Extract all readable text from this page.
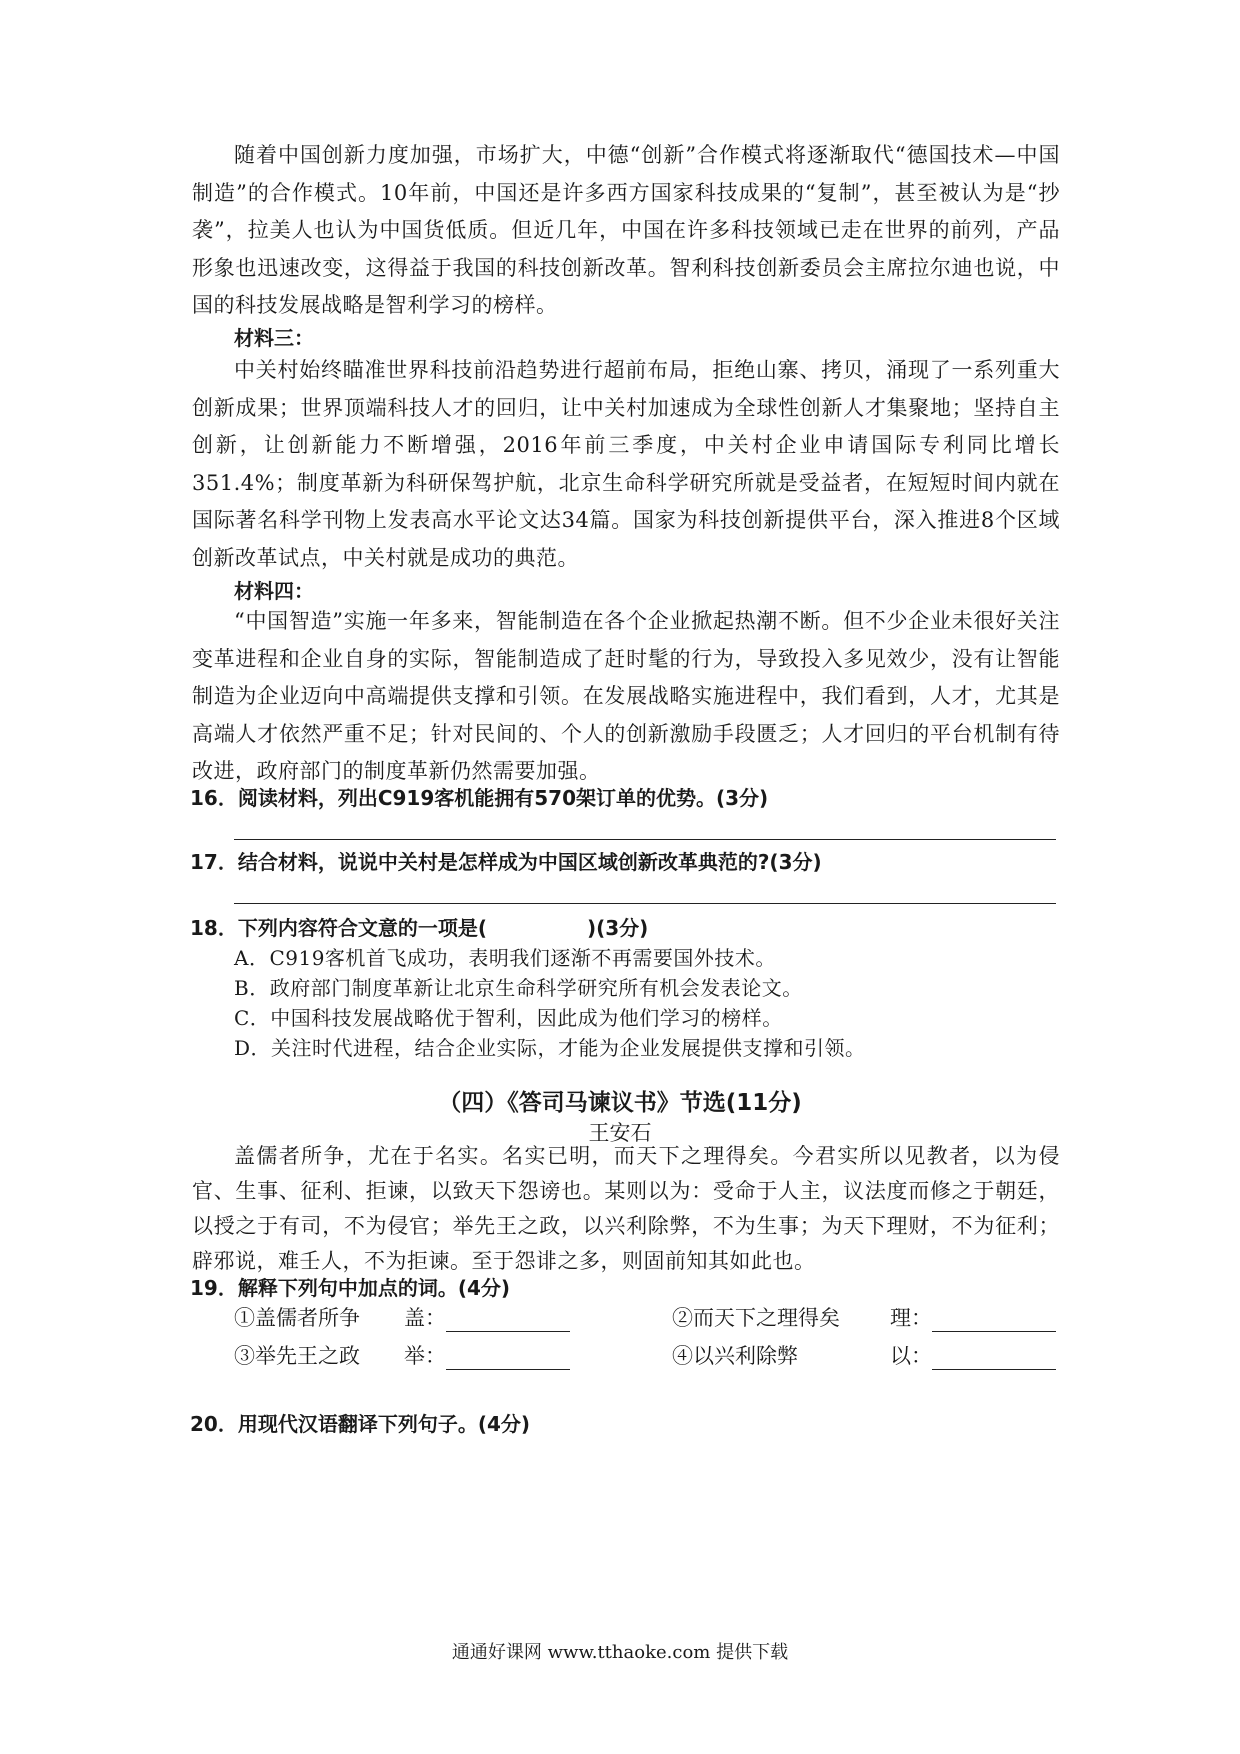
随着中国创新力度加强，市场扩大，中德“创新”合作模式将逐渐取代“德国技术—中国制造”的合作模式。10年前，中国还是许多西方国家科技成果的“复制”，甚至被认为是“抄袭”，拉美人也认为中国货低质。但近几年，中国在许多科技领域已走在世界的前列，产品形象也迅速改变，这得益于我国的科技创新改革。智利科技创新委员会主席拉尔迪也说，中国的科技发展战略是智利学习的榜样。

材料三：

中关村始终瞄准世界科技前沿趋势进行超前布局，拒绝山寨、拷贝，涌现了一系列重大创新成果；世界顶端科技人才的回归，让中关村加速成为全球性创新人才集聚地；坚持自主创新，让创新能力不断增强，2016年前三季度，中关村企业申请国际专利同比增长351.4%；制度革新为科研保驾护航，北京生命科学研究所就是受益者，在短短时间内就在国际著名科学刊物上发表高水平论文达34篇。国家为科技创新提供平台，深入推进8个区域创新改革试点，中关村就是成功的典范。

材料四：

“中国智造”实施一年多来，智能制造在各个企业掀起热潮不断。但不少企业未很好关注变革进程和企业自身的实际，智能制造成了赶时髦的行为，导致投入多见效少，没有让智能制造为企业迈向中高端提供支撑和引领。在发展战略实施进程中，我们看到，人才，尤其是高端人才依然严重不足；针对民间的、个人的创新激励手段匮乏；人才回归的平台机制有待改进，政府部门的制度革新仍然需要加强。

16．阅读材料，列出C919客机能拥有570架订单的优势。(3分)

17．结合材料，说说中关村是怎样成为中国区域创新改革典范的?(3分)

18．下列内容符合文意的一项是(　　　　　)(3分)

A．C919客机首飞成功，表明我们逐渐不再需要国外技术。

B．政府部门制度革新让北京生命科学研究所有机会发表论文。

C．中国科技发展战略优于智利，因此成为他们学习的榜样。

D．关注时代进程，结合企业实际，才能为企业发展提供支撑和引领。

（四）《答司马谏议书》节选(11分)

王安石

盖儒者所争，尤在于名实。名实已明，而天下之理得矣。今君实所以见教者，以为侵官、生事、征利、拒谏，以致天下怨谤也。某则以为：受命于人主，议法度而修之于朝廷，以授之于有司，不为侵官；举先王之政，以兴利除弊，不为生事；为天下理财，不为征利；辟邪说，难壬人，不为拒谏。至于怨诽之多，则固前知其如此也。

19．解释下列句中加点的词。(4分)

①盖儒者所争 盖：	②而天下之理得矣 理：
③举先王之政 举：	④以兴利除弊	以：

20．用现代汉语翻译下列句子。(4分)

通通好课网 www.tthaoke.com 提供下载
